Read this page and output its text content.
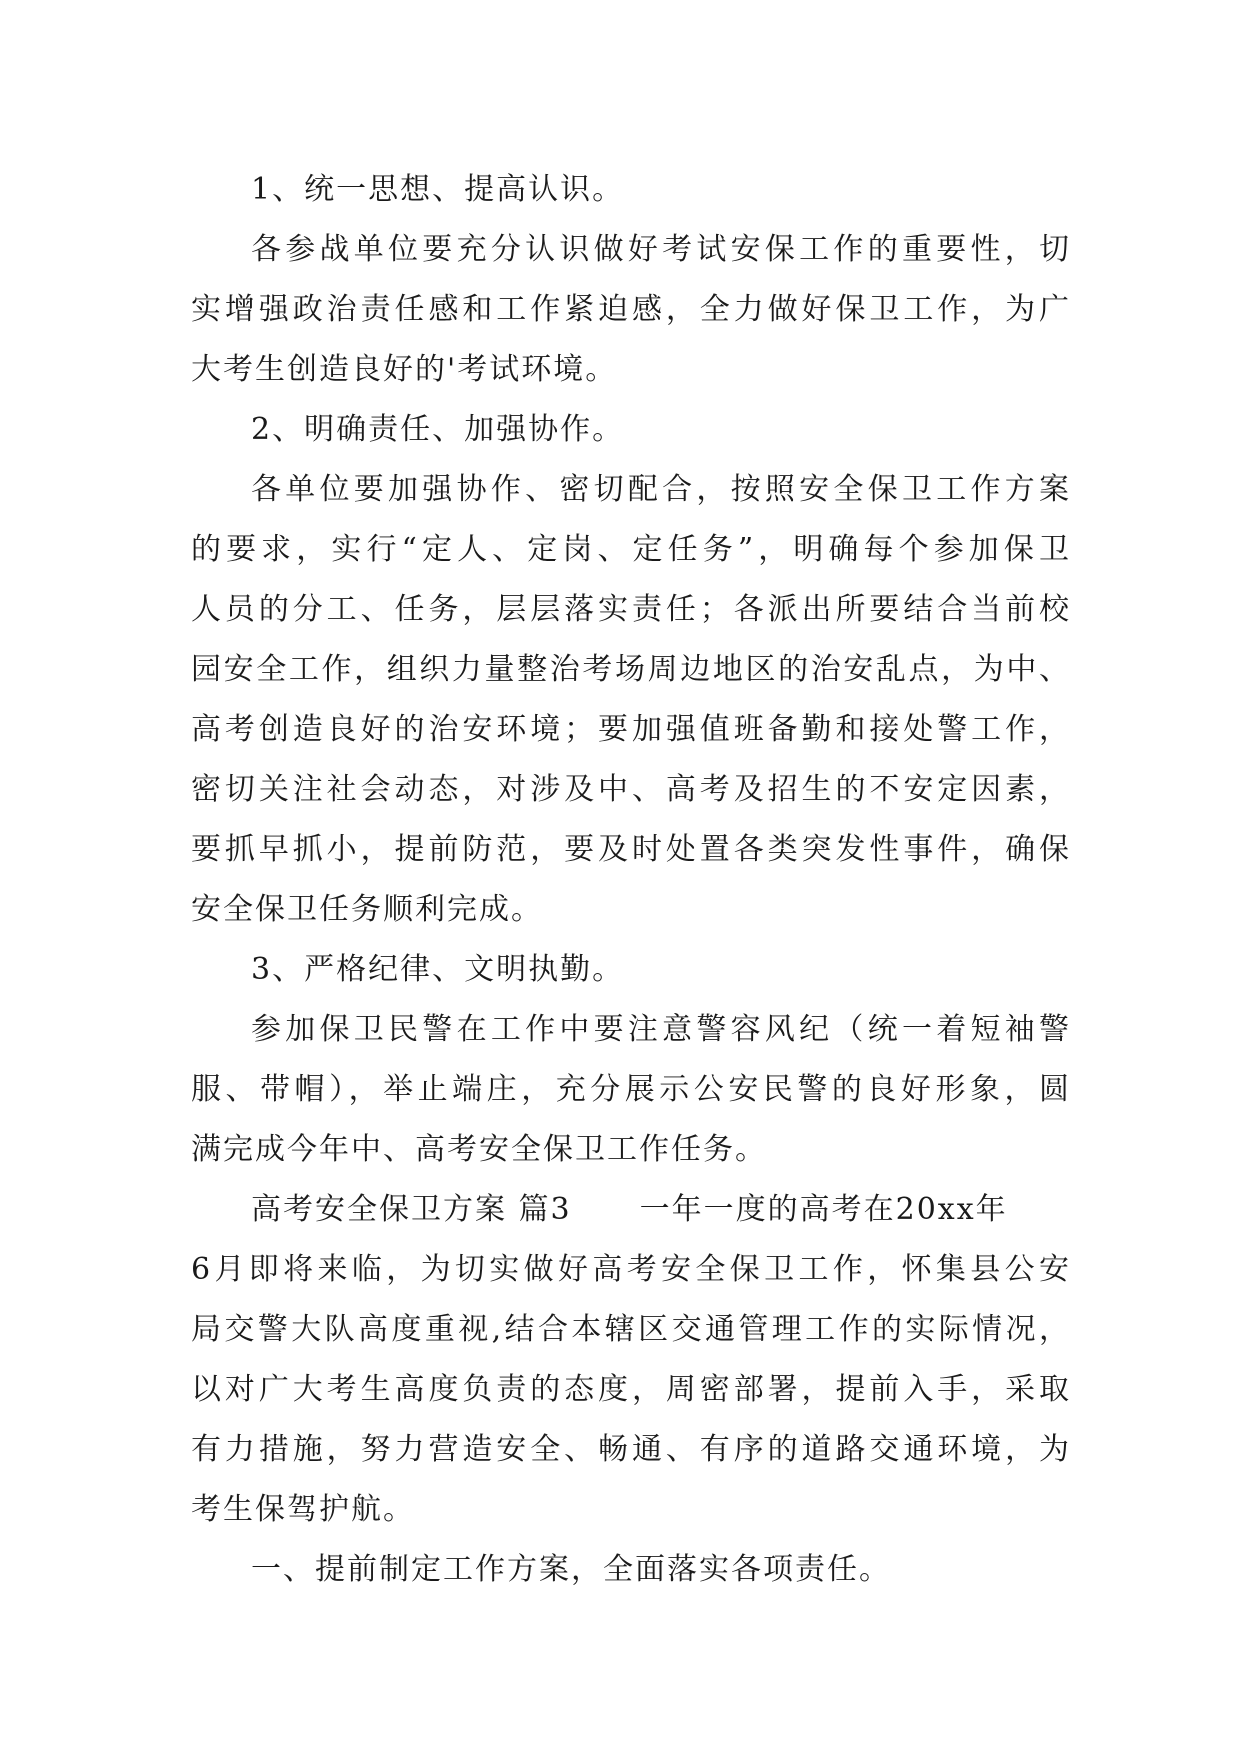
1、统一思想、提高认识。

各参战单位要充分认识做好考试安保工作的重要性，切
实增强政治责任感和工作紧迫感，全力做好保卫工作，为广
大考生创造良好的'考试环境。

2、明确责任、加强协作。

各单位要加强协作、密切配合，按照安全保卫工作方案
的要求，实行“定人、定岗、定任务”，明确每个参加保卫
人员的分工、任务，层层落实责任；各派出所要结合当前校
园安全工作，组织力量整治考场周边地区的治安乱点，为中、
高考创造良好的治安环境；要加强值班备勤和接处警工作，
密切关注社会动态，对涉及中、高考及招生的不安定因素，
要抓早抓小，提前防范，要及时处置各类突发性事件，确保
安全保卫任务顺利完成。

3、严格纪律、文明执勤。

参加保卫民警在工作中要注意警容风纪（统一着短袖警
服、带帽），举止端庄，充分展示公安民警的良好形象，圆
满完成今年中、高考安全保卫工作任务。

高考安全保卫方案 篇3 一年一度的高考在20xx年
6月即将来临，为切实做好高考安全保卫工作，怀集县公安
局交警大队高度重视,结合本辖区交通管理工作的实际情况，
以对广大考生高度负责的态度，周密部署，提前入手，采取
有力措施，努力营造安全、畅通、有序的道路交通环境，为
考生保驾护航。

一、提前制定工作方案，全面落实各项责任。
